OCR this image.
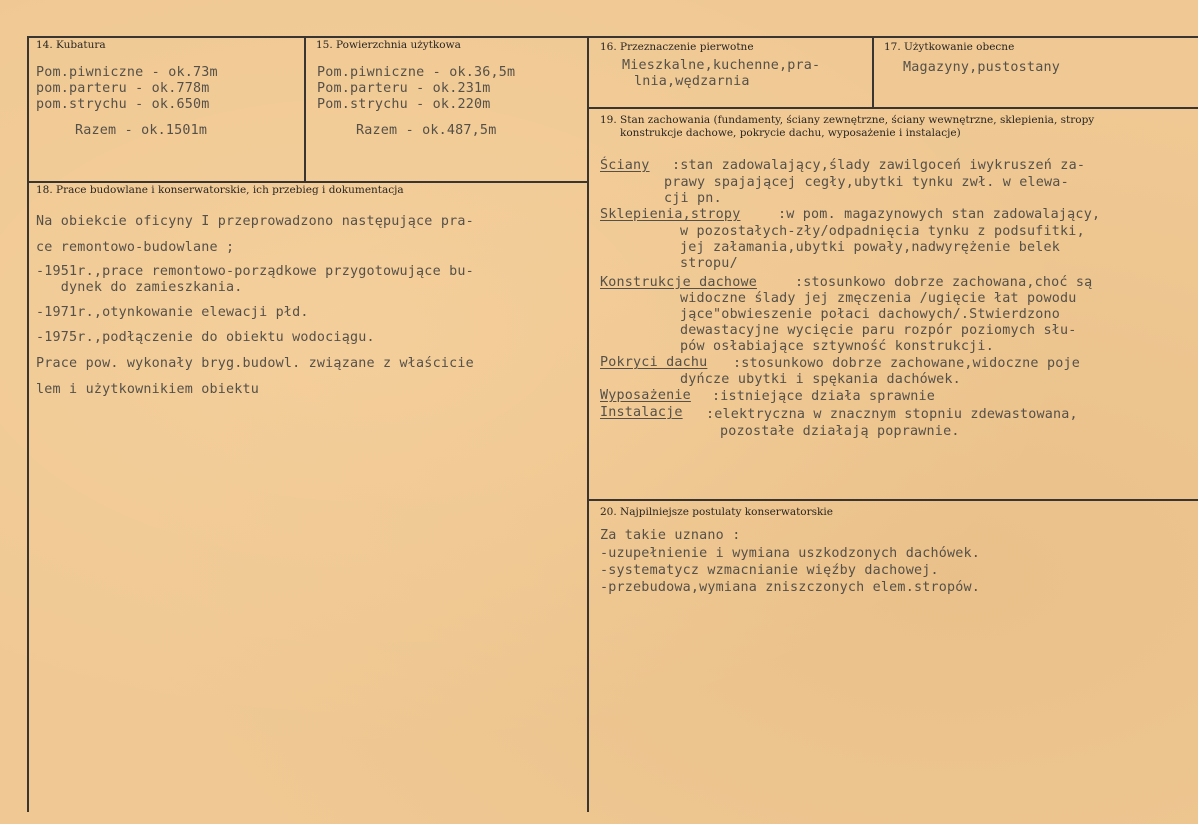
14. Kubatura
Pom.piwniczne - ok.73m
pom.parteru - ok.778m
pom.strychu - ok.650m
Razem - ok.1501m
15. Powierzchnia użytkowa
Pom.piwniczne - ok.36,5m
Pom.parteru - ok.231m
Pom.strychu - ok.220m
Razem - ok.487,5m
16. Przeznaczenie pierwotne
Mieszkalne,kuchenne,pra-
lnia,wędzarnia
17. Użytkowanie obecne
Magazyny,pustostany
18. Prace budowlane i konserwatorskie, ich przebieg i dokumentacja
Na obiekcie oficyny I przeprowadzono następujące pra-
ce remontowo-budowlane ;
-1951r.,prace remontowo-porządkowe przygotowujące bu-
dynek do zamieszkania.
-1971r.,otynkowanie elewacji płd.
-1975r.,podłączenie do obiektu wodociągu.
Prace pow. wykonały bryg.budowl. związane z właścicie
lem i użytkownikiem obiektu
19. Stan zachowania (fundamenty, ściany zewnętrzne, ściany wewnętrzne, sklepienia, stropy
konstrukcje dachowe, pokrycie dachu, wyposażenie i instalacje)
Ściany :stan zadowalający,ślady zawilgoceń iwykruszeń za-
prawy spajającej cegły,ubytki tynku zwł. w elewa-
cji pn.
Sklepienia,stropy	:w pom. magazynowych stan zadowalający,
w pozostałych-zły/odpadnięcia tynku z podsufitki,
jej załamania,ubytki powały,nadwyrężenie belek
stropu/
Konstrukcje dachowe	:stosunkowo dobrze zachowana,choć są
widoczne ślady jej zmęczenia /ugięcie łat powodu
jące"obwieszenie połaci dachowych/.Stwierdzono
dewastacyjne wycięcie paru rozpór poziomych słu-
pów osłabiające sztywność konstrukcji.
Pokryci dachu :stosunkowo dobrze zachowane,widoczne poje
dyńcze ubytki i spękania dachówek.
Wyposażenie :istniejące działa sprawnie
Instalacje :elektryczna w znacznym stopniu zdewastowana,
pozostałe działają poprawnie.
20. Najpilniejsze postulaty konserwatorskie
Za takie uznano :
-uzupełnienie i wymiana uszkodzonych dachówek.
-systematycz wzmacnianie więźby dachowej.
-przebudowa,wymiana zniszczonych elem.stropów.
